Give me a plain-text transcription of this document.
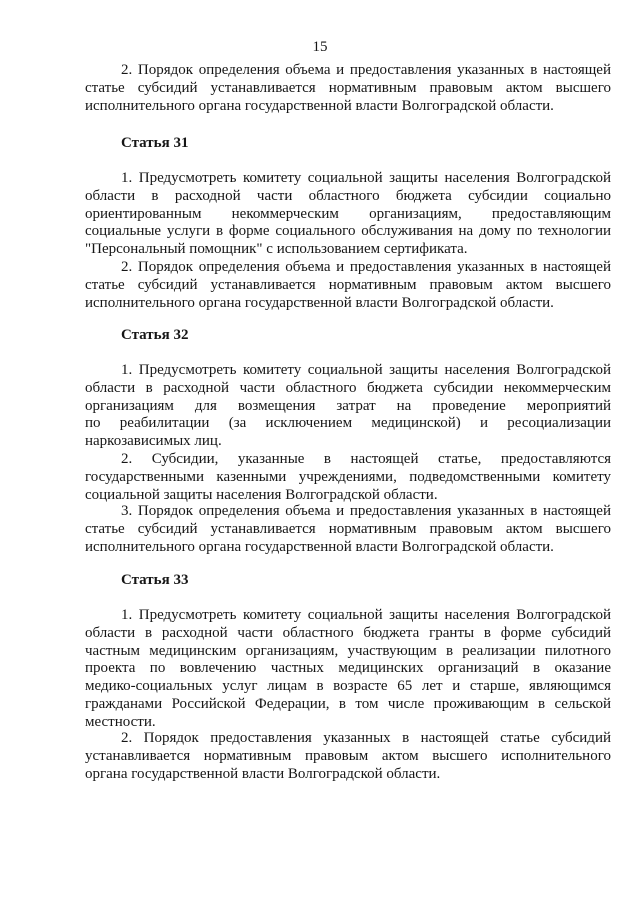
15
2. Порядок определения объема и предоставления указанных в настоящей
статье субсидий устанавливается нормативным правовым актом высшего
исполнительного органа государственной власти Волгоградской области.
Статья 31
1. Предусмотреть комитету социальной защиты населения Волгоградской
области в расходной части областного бюджета субсидии социально
ориентированным некоммерческим организациям, предоставляющим
социальные услуги в форме социального обслуживания на дому по технологии
"Персональный помощник" с использованием сертификата.
2. Порядок определения объема и предоставления указанных в настоящей
статье субсидий устанавливается нормативным правовым актом высшего
исполнительного органа государственной власти Волгоградской области.
Статья 32
1. Предусмотреть комитету социальной защиты населения Волгоградской
области в расходной части областного бюджета субсидии некоммерческим
организациям для возмещения затрат на проведение мероприятий
по реабилитации (за исключением медицинской) и ресоциализации
наркозависимых лиц.
2. Субсидии, указанные в настоящей статье, предоставляются
государственными казенными учреждениями, подведомственными комитету
социальной защиты населения Волгоградской области.
3. Порядок определения объема и предоставления указанных в настоящей
статье субсидий устанавливается нормативным правовым актом высшего
исполнительного органа государственной власти Волгоградской области.
Статья 33
1. Предусмотреть комитету социальной защиты населения Волгоградской
области в расходной части областного бюджета гранты в форме субсидий
частным медицинским организациям, участвующим в реализации пилотного
проекта по вовлечению частных медицинских организаций в оказание
медико-социальных услуг лицам в возрасте 65 лет и старше, являющимся
гражданами Российской Федерации, в том числе проживающим в сельской
местности.
2. Порядок предоставления указанных в настоящей статье субсидий
устанавливается нормативным правовым актом высшего исполнительного
органа государственной власти Волгоградской области.
